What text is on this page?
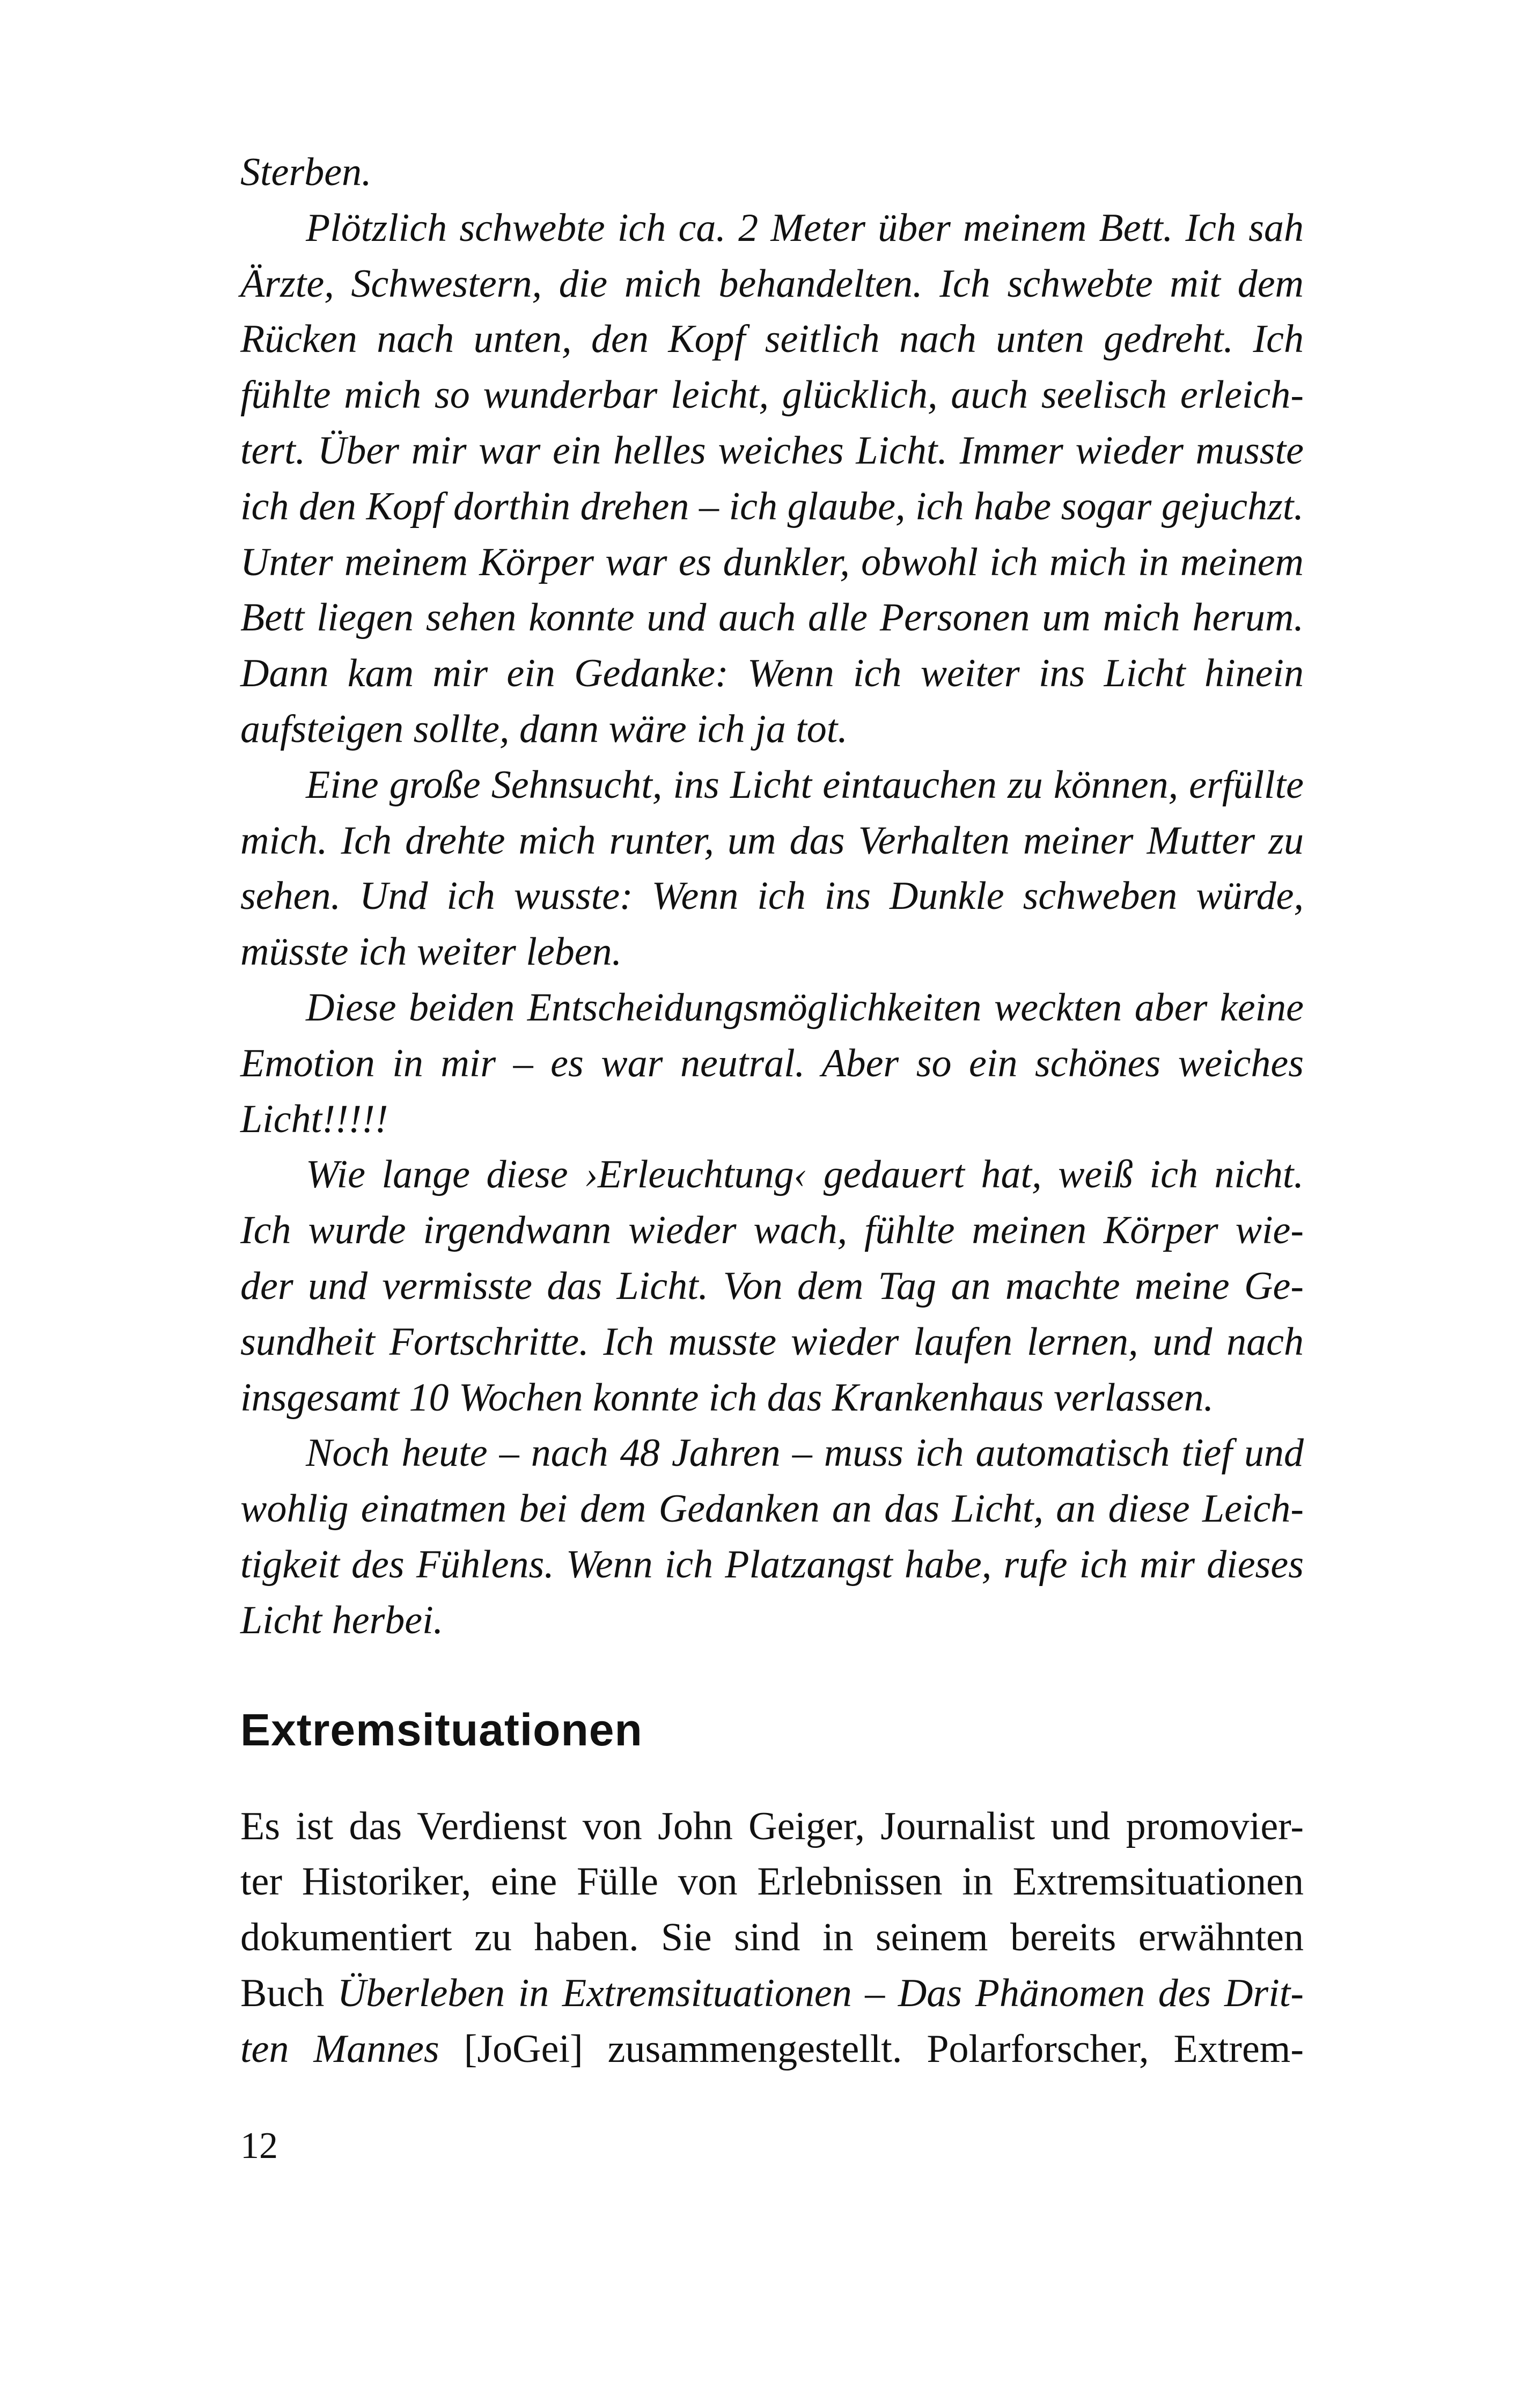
Sterben.
Plötzlich schwebte ich ca. 2 Meter über meinem Bett. Ich sah
Ärzte, Schwestern, die mich behandelten. Ich schwebte mit dem
Rücken nach unten, den Kopf seitlich nach unten gedreht. Ich
fühlte mich so wunderbar leicht, glücklich, auch seelisch erleich-
tert. Über mir war ein helles weiches Licht. Immer wieder musste
ich den Kopf dorthin drehen – ich glaube, ich habe sogar gejuchzt.
Unter meinem Körper war es dunkler, obwohl ich mich in meinem
Bett liegen sehen konnte und auch alle Personen um mich herum.
Dann kam mir ein Gedanke: Wenn ich weiter ins Licht hinein
aufsteigen sollte, dann wäre ich ja tot.
Eine große Sehnsucht, ins Licht eintauchen zu können, erfüllte
mich. Ich drehte mich runter, um das Verhalten meiner Mutter zu
sehen. Und ich wusste: Wenn ich ins Dunkle schweben würde,
müsste ich weiter leben.
Diese beiden Entscheidungsmöglichkeiten weckten aber keine
Emotion in mir – es war neutral. Aber so ein schönes weiches
Licht!!!!!
Wie lange diese ›Erleuchtung‹ gedauert hat, weiß ich nicht.
Ich wurde irgendwann wieder wach, fühlte meinen Körper wie-
der und vermisste das Licht. Von dem Tag an machte meine Ge-
sundheit Fortschritte. Ich musste wieder laufen lernen, und nach
insgesamt 10 Wochen konnte ich das Krankenhaus verlassen.
Noch heute – nach 48 Jahren – muss ich automatisch tief und
wohlig einatmen bei dem Gedanken an das Licht, an diese Leich-
tigkeit des Fühlens. Wenn ich Platzangst habe, rufe ich mir dieses
Licht herbei.
Extremsituationen
Es ist das Verdienst von John Geiger, Journalist und promovier-
ter Historiker, eine Fülle von Erlebnissen in Extremsituationen
dokumentiert zu haben. Sie sind in seinem bereits erwähnten
Buch Überleben in Extremsituationen – Das Phänomen des Drit-
ten Mannes [JoGei] zusammengestellt. Polarforscher, Extrem-
12
